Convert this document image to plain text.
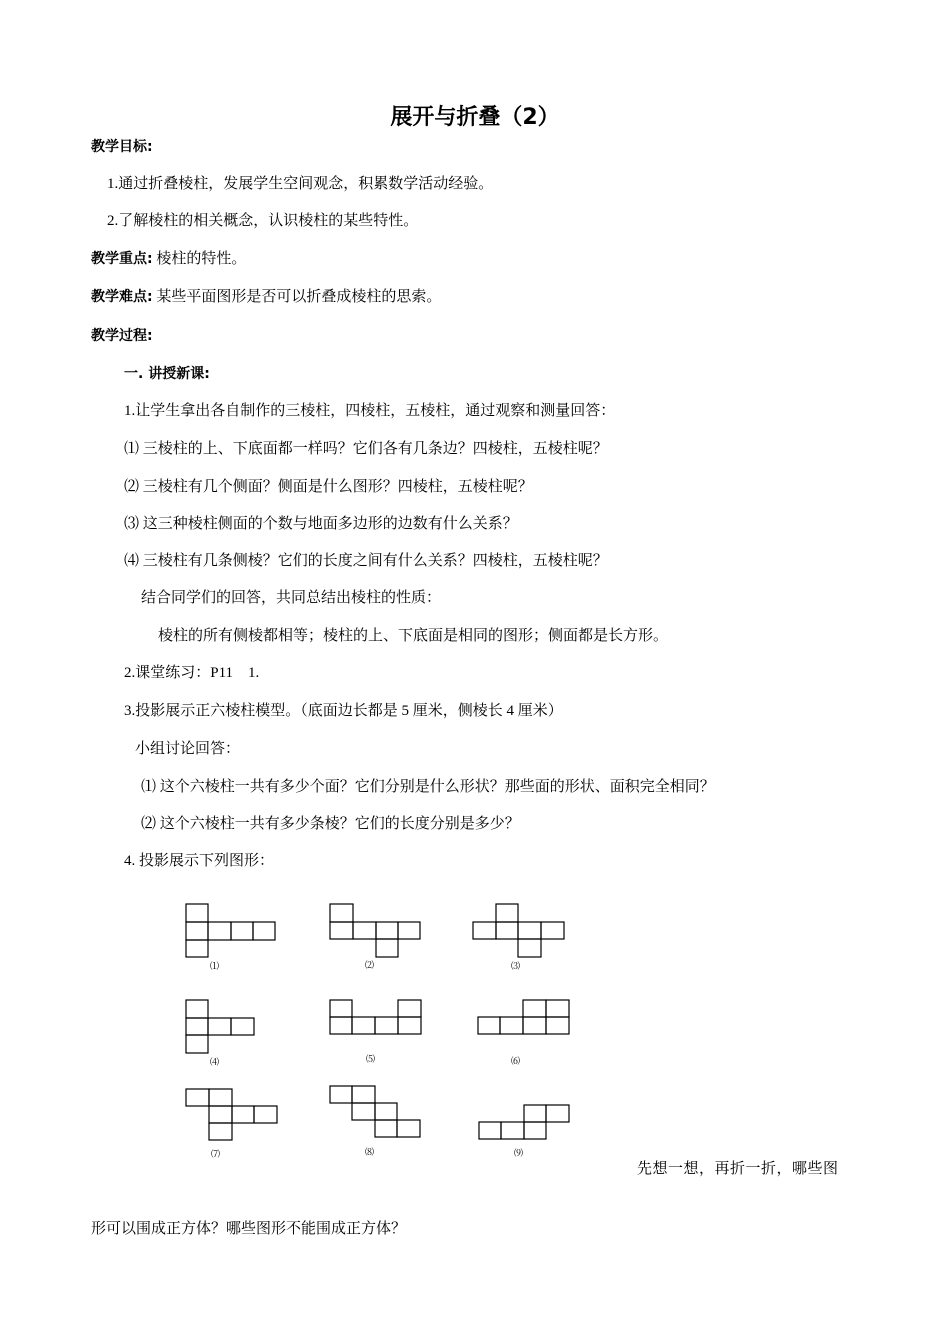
展开与折叠（2）
教学目标:
1.通过折叠棱柱，发展学生空间观念，积累数学活动经验。
2.了解棱柱的相关概念，认识棱柱的某些特性。
教学重点: 棱柱的特性。
教学难点: 某些平面图形是否可以折叠成棱柱的思索。
教学过程:
一. 讲授新课:
1.让学生拿出各自制作的三棱柱，四棱柱，五棱柱，通过观察和测量回答：
⑴ 三棱柱的上、下底面都一样吗？它们各有几条边？四棱柱，五棱柱呢？
⑵ 三棱柱有几个侧面？侧面是什么图形？四棱柱，五棱柱呢？
⑶ 这三种棱柱侧面的个数与地面多边形的边数有什么关系？
⑷ 三棱柱有几条侧棱？它们的长度之间有什么关系？四棱柱，五棱柱呢？
结合同学们的回答，共同总结出棱柱的性质：
棱柱的所有侧棱都相等；棱柱的上、下底面是相同的图形；侧面都是长方形。
2.课堂练习：P11　1.
3.投影展示正六棱柱模型。（底面边长都是 5 厘米，侧棱长 4 厘米）
小组讨论回答：
⑴ 这个六棱柱一共有多少个面？它们分别是什么形状？那些面的形状、面积完全相同？
⑵ 这个六棱柱一共有多少条棱？它们的长度分别是多少？
4. 投影展示下列图形：
⑴	⑵	⑶
⑷	⑸	⑹
⑺	⑻	⑼
先想一想，再折一折，哪些图
形可以围成正方体？哪些图形不能围成正方体？
